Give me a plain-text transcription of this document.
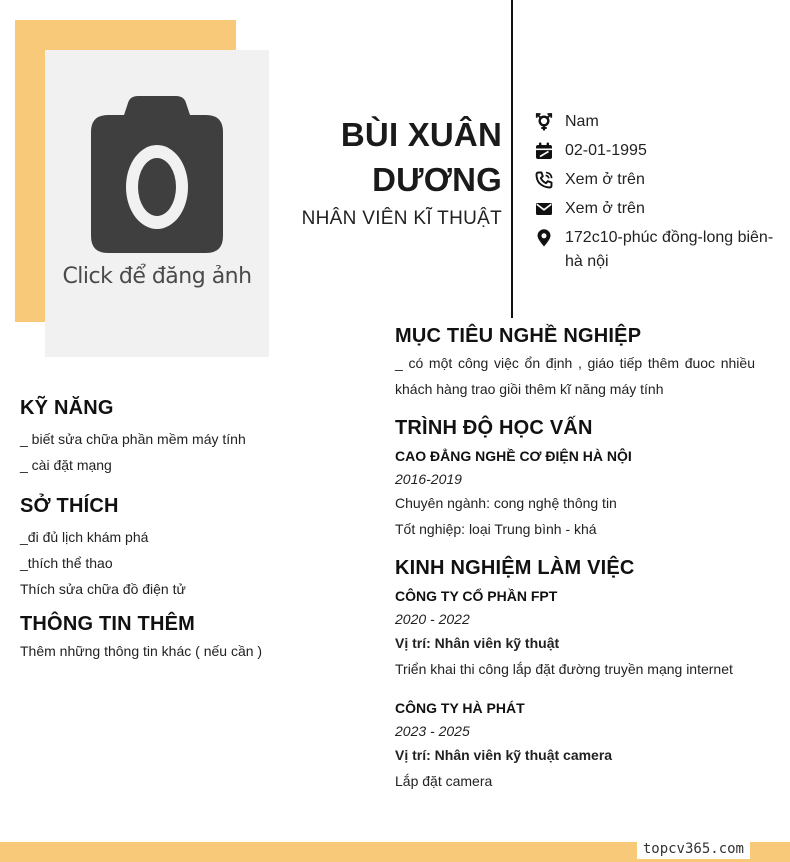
Click để đăng ảnh
BÙI XUÂN
DƯƠNG
NHÂN VIÊN KĨ THUẬT
Nam
02-01-1995
Xem ở trên
Xem ở trên
172c10-phúc đồng-long biên-hà nội
KỸ NĂNG
_ biết sửa chữa phần mềm máy tính
_ cài đặt mạng
SỞ THÍCH
_đi đủ lịch khám phá
_thích thể thao
Thích sửa chữa đồ điện tử
THÔNG TIN THÊM
Thêm những thông tin khác ( nếu cần )
MỤC TIÊU NGHỀ NGHIỆP
_ có một công việc ổn định , giáo tiếp thêm đuoc nhiều khách hàng trao giồi thêm kĩ năng máy tính
TRÌNH ĐỘ HỌC VẤN
CAO ĐẲNG NGHỀ CƠ ĐIỆN HÀ NỘI
2016-2019
Chuyên ngành: cong nghệ thông tin
Tốt nghiệp: loại Trung bình - khá
KINH NGHIỆM LÀM VIỆC
CÔNG TY CỔ PHẦN FPT
2020 - 2022
Vị trí: Nhân viên kỹ thuật
Triển khai thi công lắp đặt đường truyền mạng internet
CÔNG TY HÀ PHÁT
2023 - 2025
Vị trí: Nhân viên kỹ thuật camera
Lắp đặt camera
topcv365.com
